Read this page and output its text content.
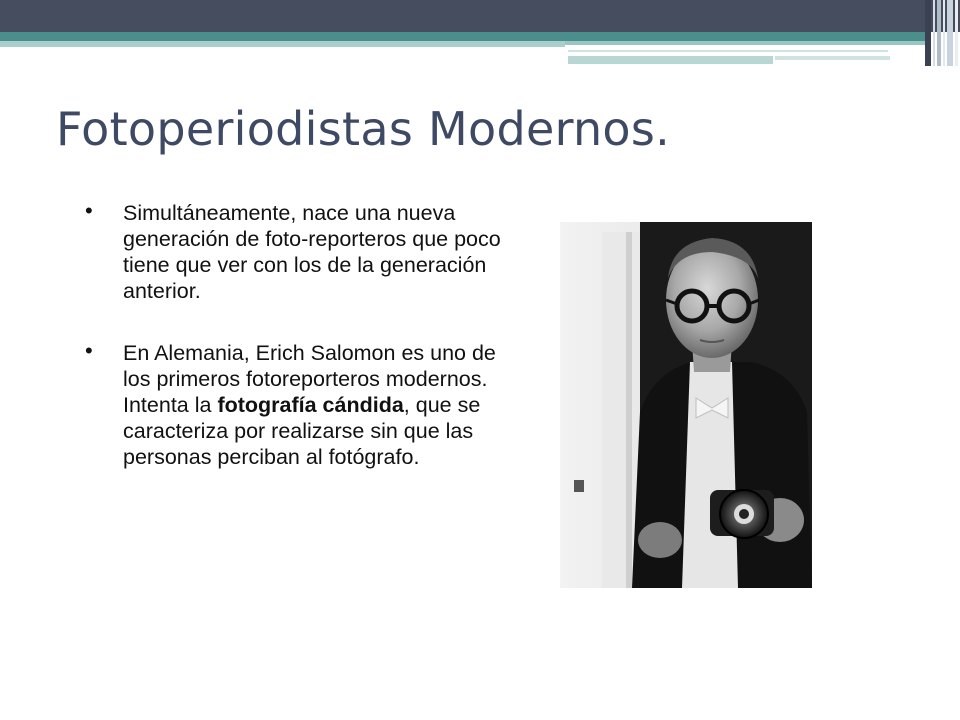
Fotoperiodistas Modernos.
• Simultáneamente, nace una nueva generación de foto-reporteros que poco tiene que ver con los de la generación anterior.
• En Alemania, Erich Salomon es uno de los primeros fotoreporteros modernos. Intenta la fotografía cándida, que se caracteriza por realizarse sin que las personas perciban al fotógrafo.
